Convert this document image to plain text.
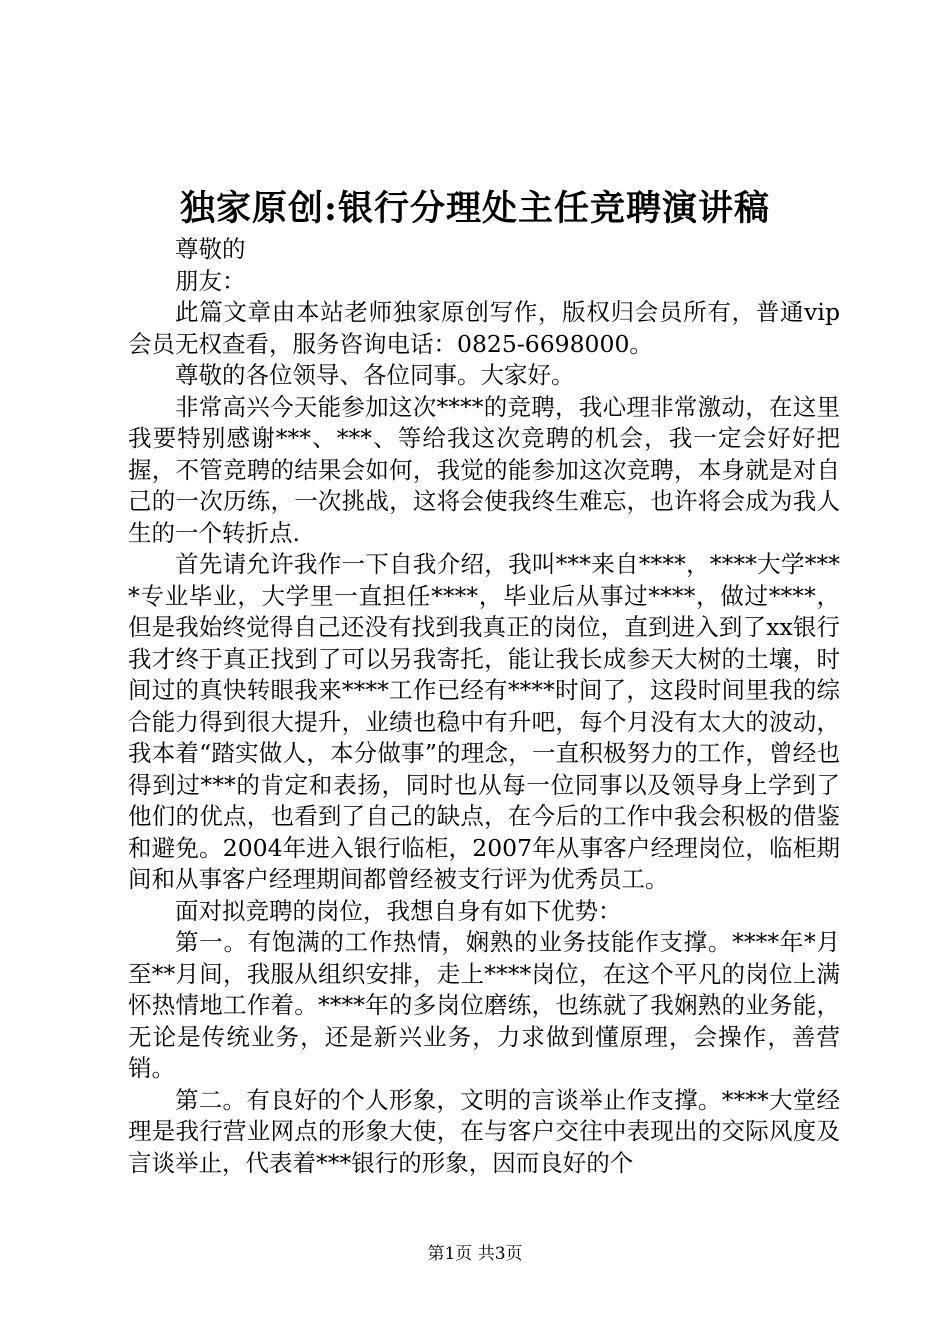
独家原创:银行分理处主任竞聘演讲稿

尊敬的

朋友：

此篇文章由本站老师独家原创写作，版权归会员所有，普通vip会员无权查看，服务咨询电话：0825-6698000。

尊敬的各位领导、各位同事。大家好。

非常高兴今天能参加这次****的竞聘，我心理非常激动，在这里我要特别感谢***、***、等给我这次竞聘的机会，我一定会好好把握，不管竞聘的结果会如何，我觉的能参加这次竞聘，本身就是对自己的一次历练，一次挑战，这将会使我终生难忘，也许将会成为我人生的一个转折点.

首先请允许我作一下自我介绍，我叫***来自****，****大学****专业毕业，大学里一直担任****，毕业后从事过****，做过****，但是我始终觉得自己还没有找到我真正的岗位，直到进入到了xx银行我才终于真正找到了可以另我寄托，能让我长成参天大树的土壤，时间过的真快转眼我来****工作已经有****时间了，这段时间里我的综合能力得到很大提升，业绩也稳中有升吧，每个月没有太大的波动，我本着“踏实做人，本分做事”的理念，一直积极努力的工作，曾经也得到过***的肯定和表扬，同时也从每一位同事以及领导身上学到了他们的优点，也看到了自己的缺点，在今后的工作中我会积极的借鉴和避免。2004年进入银行临柜，2007年从事客户经理岗位，临柜期间和从事客户经理期间都曾经被支行评为优秀员工。

面对拟竞聘的岗位，我想自身有如下优势：

第一。有饱满的工作热情，娴熟的业务技能作支撑。****年*月至**月间，我服从组织安排，走上****岗位，在这个平凡的岗位上满怀热情地工作着。****年的多岗位磨练，也练就了我娴熟的业务能，无论是传统业务，还是新兴业务，力求做到懂原理，会操作，善营销。

第二。有良好的个人形象，文明的言谈举止作支撑。****大堂经理是我行营业网点的形象大使，在与客户交往中表现出的交际风度及言谈举止，代表着***银行的形象，因而良好的个

第1页 共3页
